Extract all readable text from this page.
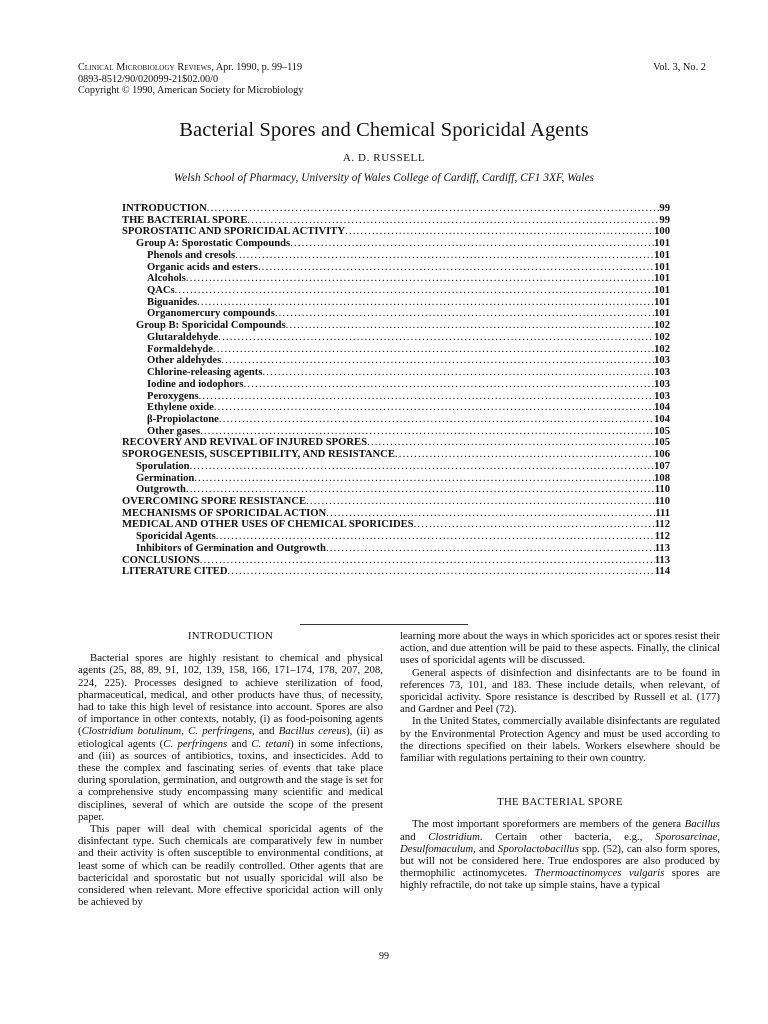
Clinical Microbiology Reviews, Apr. 1990, p. 99–119
0893-8512/90/020099-21$02.00/0
Copyright © 1990, American Society for Microbiology
Vol. 3, No. 2
Bacterial Spores and Chemical Sporicidal Agents
A. D. RUSSELL
Welsh School of Pharmacy, University of Wales College of Cardiff, Cardiff, CF1 3XF, Wales
INTRODUCTION .....	99
THE BACTERIAL SPORE .....	99
SPOROSTATIC AND SPORICIDAL ACTIVITY .....	100
Group A: Sporostatic Compounds .....	101
Phenols and cresols .....	101
Organic acids and esters .....	101
Alcohols .....	101
QACs .....	101
Biguanides .....	101
Organomercury compounds .....	101
Group B: Sporicidal Compounds .....	102
Glutaraldehyde .....	102
Formaldehyde .....	102
Other aldehydes .....	103
Chlorine-releasing agents .....	103
Iodine and iodophors .....	103
Peroxygens .....	103
Ethylene oxide .....	104
β-Propiolactone .....	104
Other gases .....	105
RECOVERY AND REVIVAL OF INJURED SPORES .....	105
SPOROGENESIS, SUSCEPTIBILITY, AND RESISTANCE .....	106
Sporulation .....	107
Germination .....	108
Outgrowth .....	110
OVERCOMING SPORE RESISTANCE .....	110
MECHANISMS OF SPORICIDAL ACTION .....	111
MEDICAL AND OTHER USES OF CHEMICAL SPORICIDES .....	112
Sporicidal Agents .....	112
Inhibitors of Germination and Outgrowth .....	113
CONCLUSIONS .....	113
LITERATURE CITED .....	114
INTRODUCTION

Bacterial spores are highly resistant to chemical and physical agents (25, 88, 89, 91, 102, 139, 158, 166, 171–174, 178, 207, 208, 224, 225). Processes designed to achieve sterilization of food, pharmaceutical, medical, and other products have thus, of necessity, had to take this high level of resistance into account. Spores are also of importance in other contexts, notably, (i) as food-poisoning agents (Clostridium botulinum, C. perfringens, and Bacillus cereus), (ii) as etiological agents (C. perfringens and C. tetani) in some infections, and (iii) as sources of antibiotics, toxins, and insecticides. Add to these the complex and fascinating series of events that take place during sporulation, germination, and outgrowth and the stage is set for a comprehensive study encompassing many scientific and medical disciplines, several of which are outside the scope of the present paper.

This paper will deal with chemical sporicidal agents of the disinfectant type. Such chemicals are comparatively few in number and their activity is often susceptible to environmental conditions, at least some of which can be readily controlled. Other agents that are bactericidal and sporostatic but not usually sporicidal will also be considered when relevant. More effective sporicidal action will only be achieved by

learning more about the ways in which sporicides act or spores resist their action, and due attention will be paid to these aspects. Finally, the clinical uses of sporicidal agents will be discussed.

General aspects of disinfection and disinfectants are to be found in references 73, 101, and 183. These include details, when relevant, of sporicidal activity. Spore resistance is described by Russell et al. (177) and Gardner and Peel (72).

In the United States, commercially available disinfectants are regulated by the Environmental Protection Agency and must be used according to the directions specified on their labels. Workers elsewhere should be familiar with regulations pertaining to their own country.

THE BACTERIAL SPORE

The most important sporeformers are members of the genera Bacillus and Clostridium. Certain other bacteria, e.g., Sporosarcinae, Desulfomaculum, and Sporolactobacillus spp. (52), can also form spores, but will not be considered here. True endospores are also produced by thermophilic actinomycetes. Thermoactinomyces vulgaris spores are highly refractile, do not take up simple stains, have a typical

99
